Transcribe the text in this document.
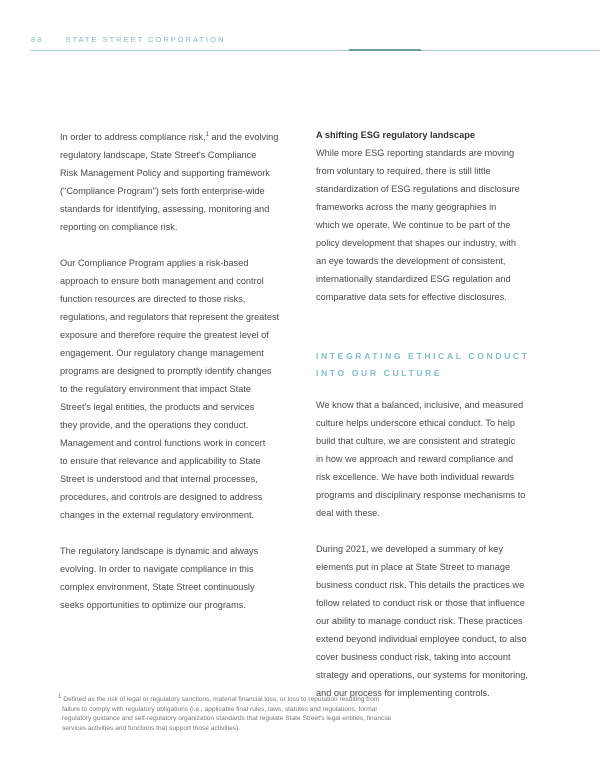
88	STATE STREET CORPORATION
In order to address compliance risk,$^1$ and the evolving
regulatory landscape, State Street's Compliance
Risk Management Policy and supporting framework
("Compliance Program") sets forth enterprise-wide
standards for identifying, assessing, monitoring and
reporting on compliance risk.
Our Compliance Program applies a risk-based
approach to ensure both management and control
function resources are directed to those risks,
regulations, and regulators that represent the greatest
exposure and therefore require the greatest level of
engagement. Our regulatory change management
programs are designed to promptly identify changes
to the regulatory environment that impact State
Street's legal entities, the products and services
they provide, and the operations they conduct.
Management and control functions work in concert
to ensure that relevance and applicability to State
Street is understood and that internal processes,
procedures, and controls are designed to address
changes in the external regulatory environment.
The regulatory landscape is dynamic and always
evolving. In order to navigate compliance in this
complex environment, State Street continuously
seeks opportunities to optimize our programs.
A shifting ESG regulatory landscape
While more ESG reporting standards are moving
from voluntary to required, there is still little
standardization of ESG regulations and disclosure
frameworks across the many geographies in
which we operate. We continue to be part of the
policy development that shapes our industry, with
an eye towards the development of consistent,
internationally standardized ESG regulation and
comparative data sets for effective disclosures.
INTEGRATING ETHICAL CONDUCT
INTO OUR CULTURE
We know that a balanced, inclusive, and measured
culture helps underscore ethical conduct. To help
build that culture, we are consistent and strategic
in how we approach and reward compliance and
risk excellence. We have both individual rewards
programs and disciplinary response mechanisms to
deal with these.
During 2021, we developed a summary of key
elements put in place at State Street to manage
business conduct risk. This details the practices we
follow related to conduct risk or those that influence
our ability to manage conduct risk. These practices
extend beyond individual employee conduct, to also
cover business conduct risk, taking into account
strategy and operations, our systems for monitoring,
and our process for implementing controls.
$^1$ Defined as the risk of legal or regulatory sanctions, material financial loss, or loss to reputation resulting from
failure to comply with regulatory obligations (i.e., applicable final rules, laws, statutes and regulations, formal
regulatory guidance and self-regulatory organization standards that regulate State Street's legal entities, financial
services activities and functions that support those activities).
